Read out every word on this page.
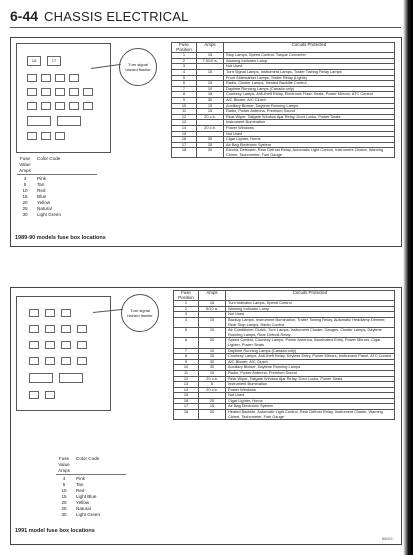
6-44 CHASSIS ELECTRICAL
18	17
Turn signal hazard flasher
Fuse Value Amps
Color Code
4	Pink
5	Tan
10	Red
15	Blue
20	Yellow
25	Natural
30	Light Green
1989-90 models fuse box locations
Fuse Position	Amps	Circuits Protected
1	15	Stop Lamps, Speed Control, Torque Converter
2	7.5/10 a.	Warning Indicator Lamp
3		Not Used
4	15	Turn Signal Lamps, Instrument Lamps, Trailer Towing Relay Lamps
5		Front Sidemarker Lamps, Trailer Relay (Lights)
6	15	Radio, Cluster Lamps, Heated Backlite Control
7	10	Daytime Running Lamps (Canada only)
8	15	Courtesy Lamps, Anti-theft Relay, Electronic Flash Seats, Power Mirrors, ATC Control
9	30	A/C Blower, A/C Clutch
10	15	Auxiliary Blower, Daytime Running Lamps
11	15	Radio, Power Antenna, Premium Sound
12	20 c.b.	Rear Wiper, Tailgate Window Ajar Relay, Door Locks, Power Seats
13		Instrument Illumination
14	20 c.b.	Power Windows
15		Not Used
16	30	Cigar Lighter, Horns
17	15	Air Bag Electronic System
18	20	Electric Defroster, Rear Defrost Relay, Automatic Light Control, Instrument Cluster, Warning Chime, Tachometer, Fuel Gauge
Turn signal hazard flasher
Fuse Value Amps
Color Code
4	Pink
5	Tan
10	Red
15	Light Blue
20	Yellow
25	Natural
30	Light Green
1991 model fuse box locations
Fuse Position	Amps	Circuits Protected
1	15	Turn Indicator Lamps, Speed Control
2	5/10 a.	Warning Indicator Lamp
3		Not Used
4	15	Backup Lamps, Instrument Illumination, Trailer Towing Relay, Automatic Headlamp Dimmer, Rear Stop Lamps, Radio Control
5	15	Air Conditioner Clutch, Turn Lamps, Instrument Cluster, Gauges, Cluster Lamps, Daytime Running Lamps, Rear Defrost Relay
6	20	Speed Control, Courtesy Lamps, Power Antenna, Illuminated Entry, Power Mirrors, Cigar Lighter, Power Seats
7	10	Daytime Running Lamps (Canada only)
8	15	Courtesy Lamps, Anti-theft Relay, Keyless Entry, Power Mirrors, Instrument Panel, ATC Control
9	30	A/C Blower, A/C Clutch
10	30	Auxiliary Blower, Daytime Running Lamps
11	15	Radio, Power Antenna, Premium Sound
12	20 c.b.	Rear Wiper, Tailgate Window Ajar Relay, Door Locks, Power Seats
13	5	Instrument Illumination
14	20 c.b.	Power Windows
15		Not Used
16	20	Cigar Lighter, Horns
17	15	Air Bag Electronic System
18	20	Heated Backlite, Automatic Light Control, Rear Defrost Relay, Instrument Cluster, Warning Chime, Tachometer, Fuel Gauge
86521
